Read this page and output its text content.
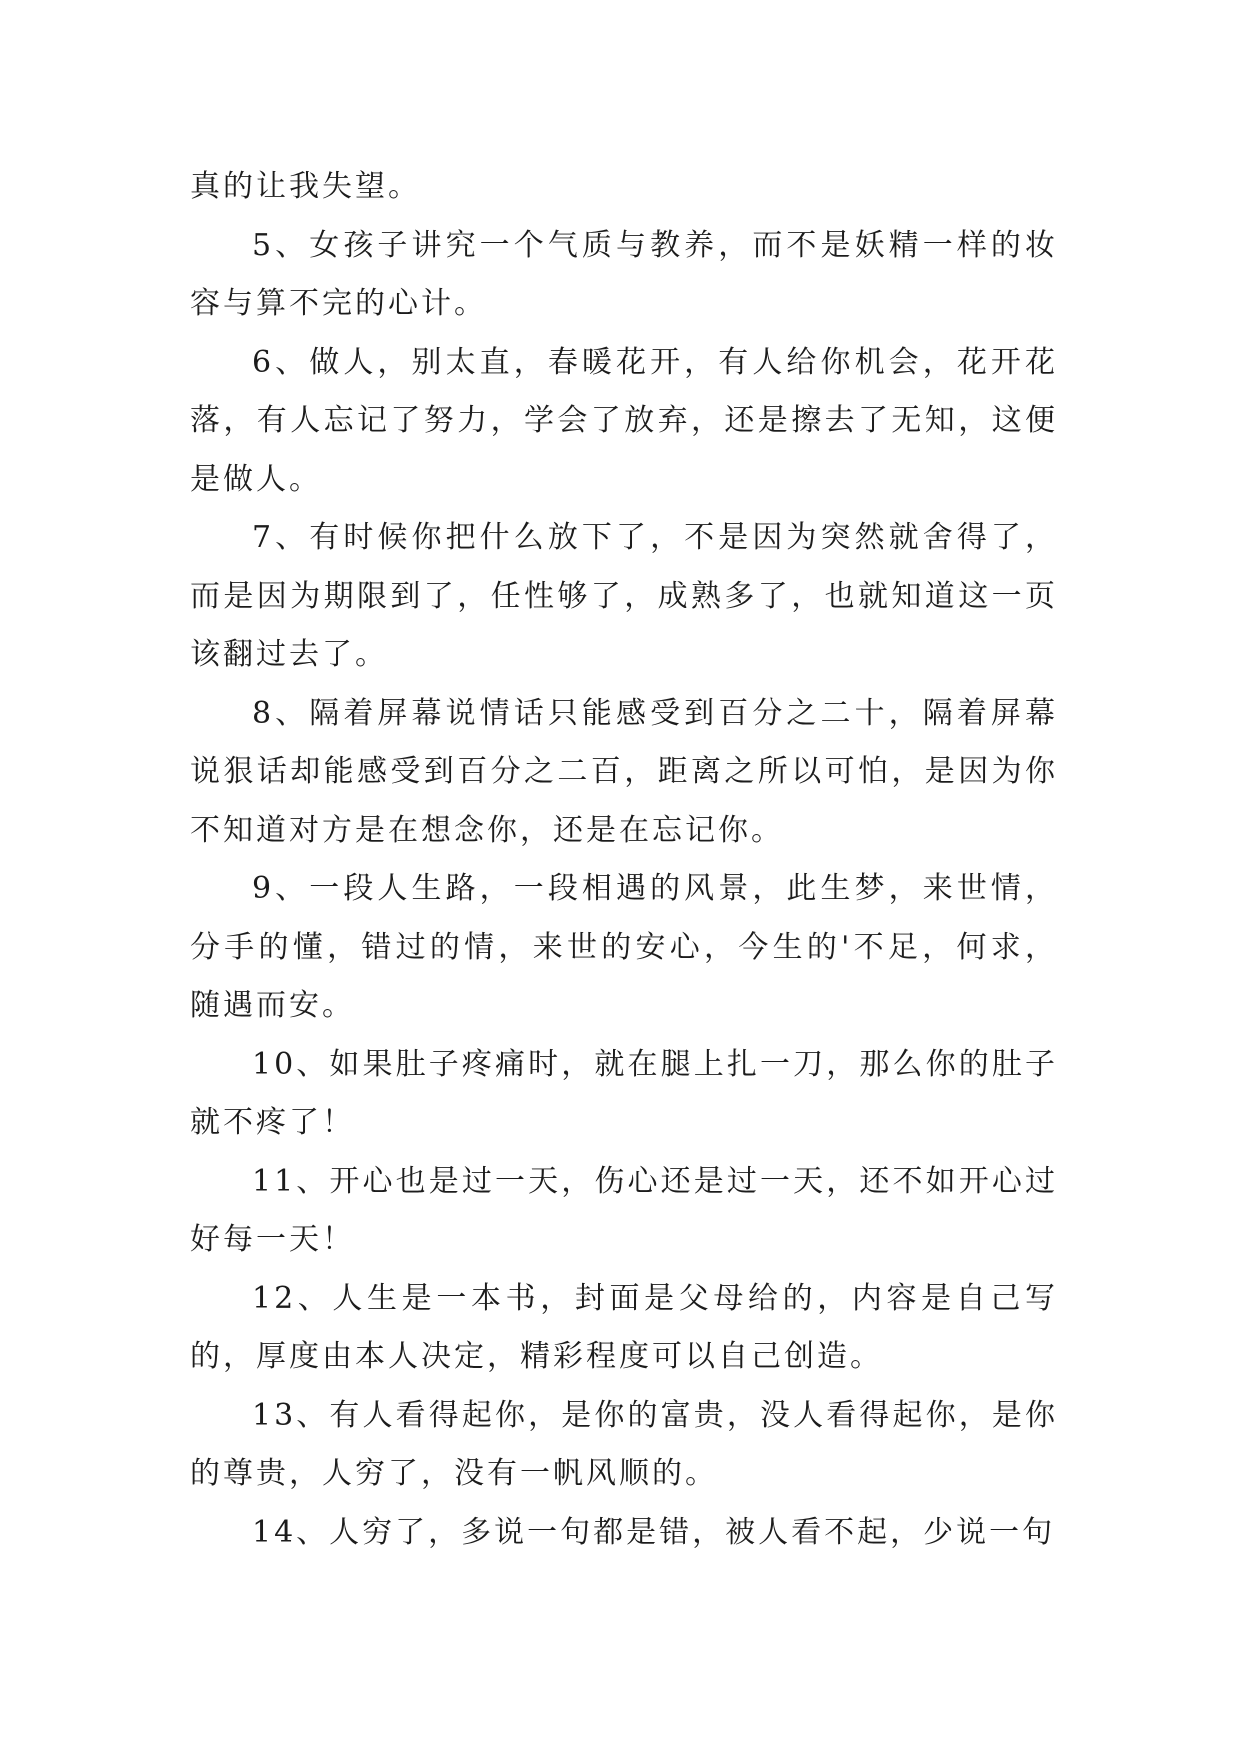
真的让我失望。

5、女孩子讲究一个气质与教养，而不是妖精一样的妆容与算不完的心计。

6、做人，别太直，春暖花开，有人给你机会，花开花落，有人忘记了努力，学会了放弃，还是擦去了无知，这便是做人。

7、有时候你把什么放下了，不是因为突然就舍得了，而是因为期限到了，任性够了，成熟多了，也就知道这一页该翻过去了。

8、隔着屏幕说情话只能感受到百分之二十，隔着屏幕说狠话却能感受到百分之二百，距离之所以可怕，是因为你不知道对方是在想念你，还是在忘记你。

9、一段人生路，一段相遇的风景，此生梦，来世情，分手的懂，错过的情，来世的安心，今生的'不足，何求，随遇而安。

10、如果肚子疼痛时，就在腿上扎一刀，那么你的肚子就不疼了！

11、开心也是过一天，伤心还是过一天，还不如开心过好每一天！

12、人生是一本书，封面是父母给的，内容是自己写的，厚度由本人决定，精彩程度可以自己创造。

13、有人看得起你，是你的富贵，没人看得起你，是你的尊贵，人穷了，没有一帆风顺的。

14、人穷了，多说一句都是错，被人看不起，少说一句
